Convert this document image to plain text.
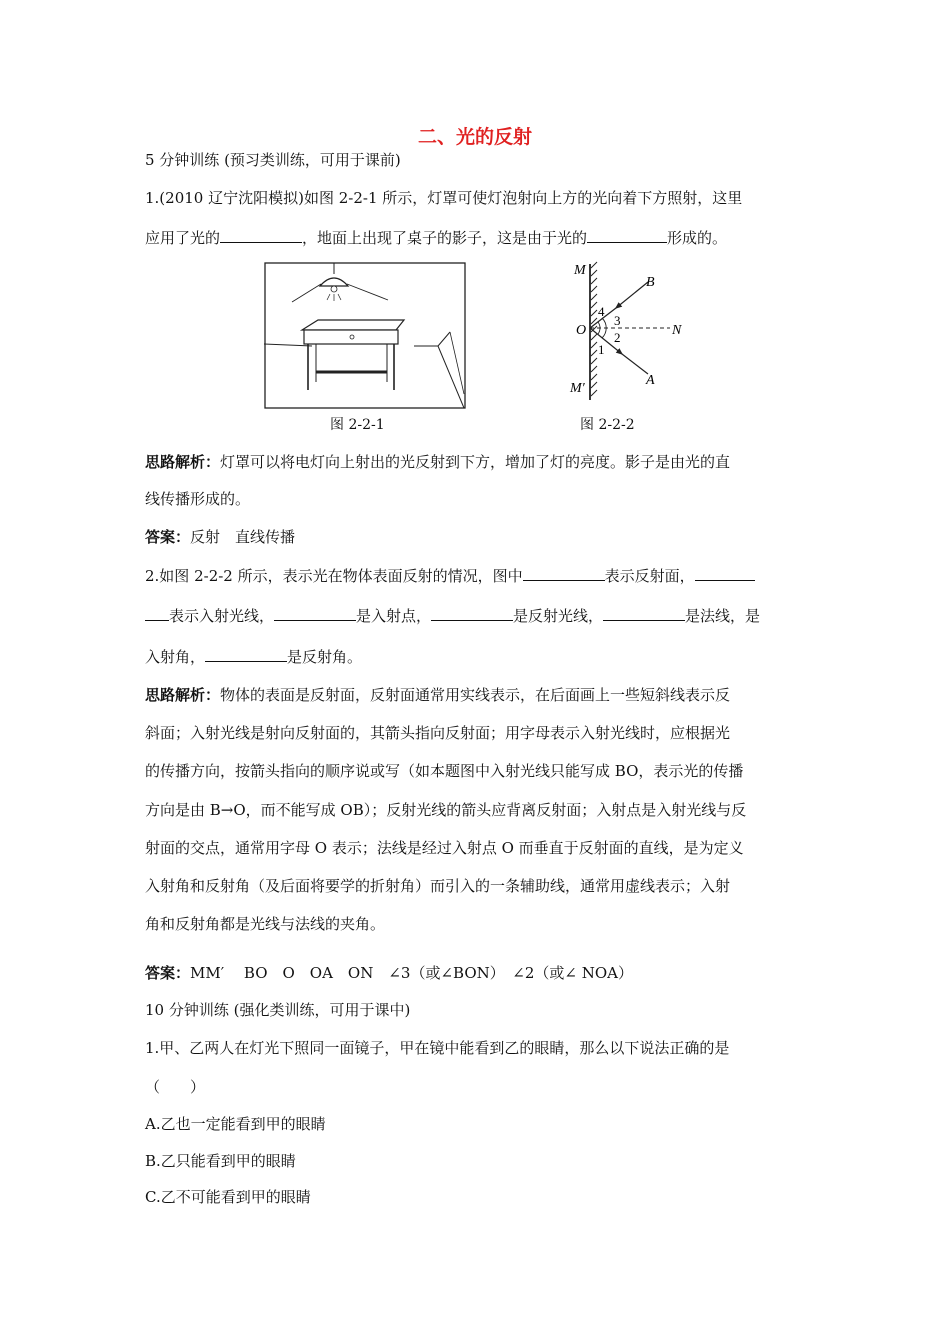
二、光的反射
5 分钟训练 (预习类训练，可用于课前)
1.(2010 辽宁沈阳模拟)如图 2-2-1 所示，灯罩可使灯泡射向上方的光向着下方照射，这里
应用了光的	，地面上出现了桌子的影子，这是由于光的	形成的。
M
M′
O	N
B
A
4
3
2
1
图 2-2-1	图 2-2-2
思路解析：灯罩可以将电灯向上射出的光反射到下方，增加了灯的亮度。影子是由光的直
线传播形成的。
答案：反射　直线传播
2.如图 2-2-2 所示，表示光在物体表面反射的情况，图中	表示反射面，
表示入射光线，	是入射点，	是反射光线，	是法线，是
入射角，	是反射角。
思路解析：物体的表面是反射面，反射面通常用实线表示，在后面画上一些短斜线表示反
斜面；入射光线是射向反射面的，其箭头指向反射面；用字母表示入射光线时，应根据光
的传播方向，按箭头指向的顺序说或写（如本题图中入射光线只能写成 BO，表示光的传播
方向是由 B→O，而不能写成 OB）；反射光线的箭头应背离反射面；入射点是入射光线与反
射面的交点，通常用字母 O 表示；法线是经过入射点 O 而垂直于反射面的直线，是为定义
入射角和反射角（及后面将要学的折射角）而引入的一条辅助线，通常用虚线表示；入射
角和反射角都是光线与法线的夹角。
答案：MM′　 BO　O　OA　ON　∠3（或∠BON）　∠2（或∠ NOA）
10 分钟训练 (强化类训练，可用于课中)
1.甲、乙两人在灯光下照同一面镜子，甲在镜中能看到乙的眼睛，那么以下说法正确的是
（　　）
A.乙也一定能看到甲的眼睛
B.乙只能看到甲的眼睛
C.乙不可能看到甲的眼睛
